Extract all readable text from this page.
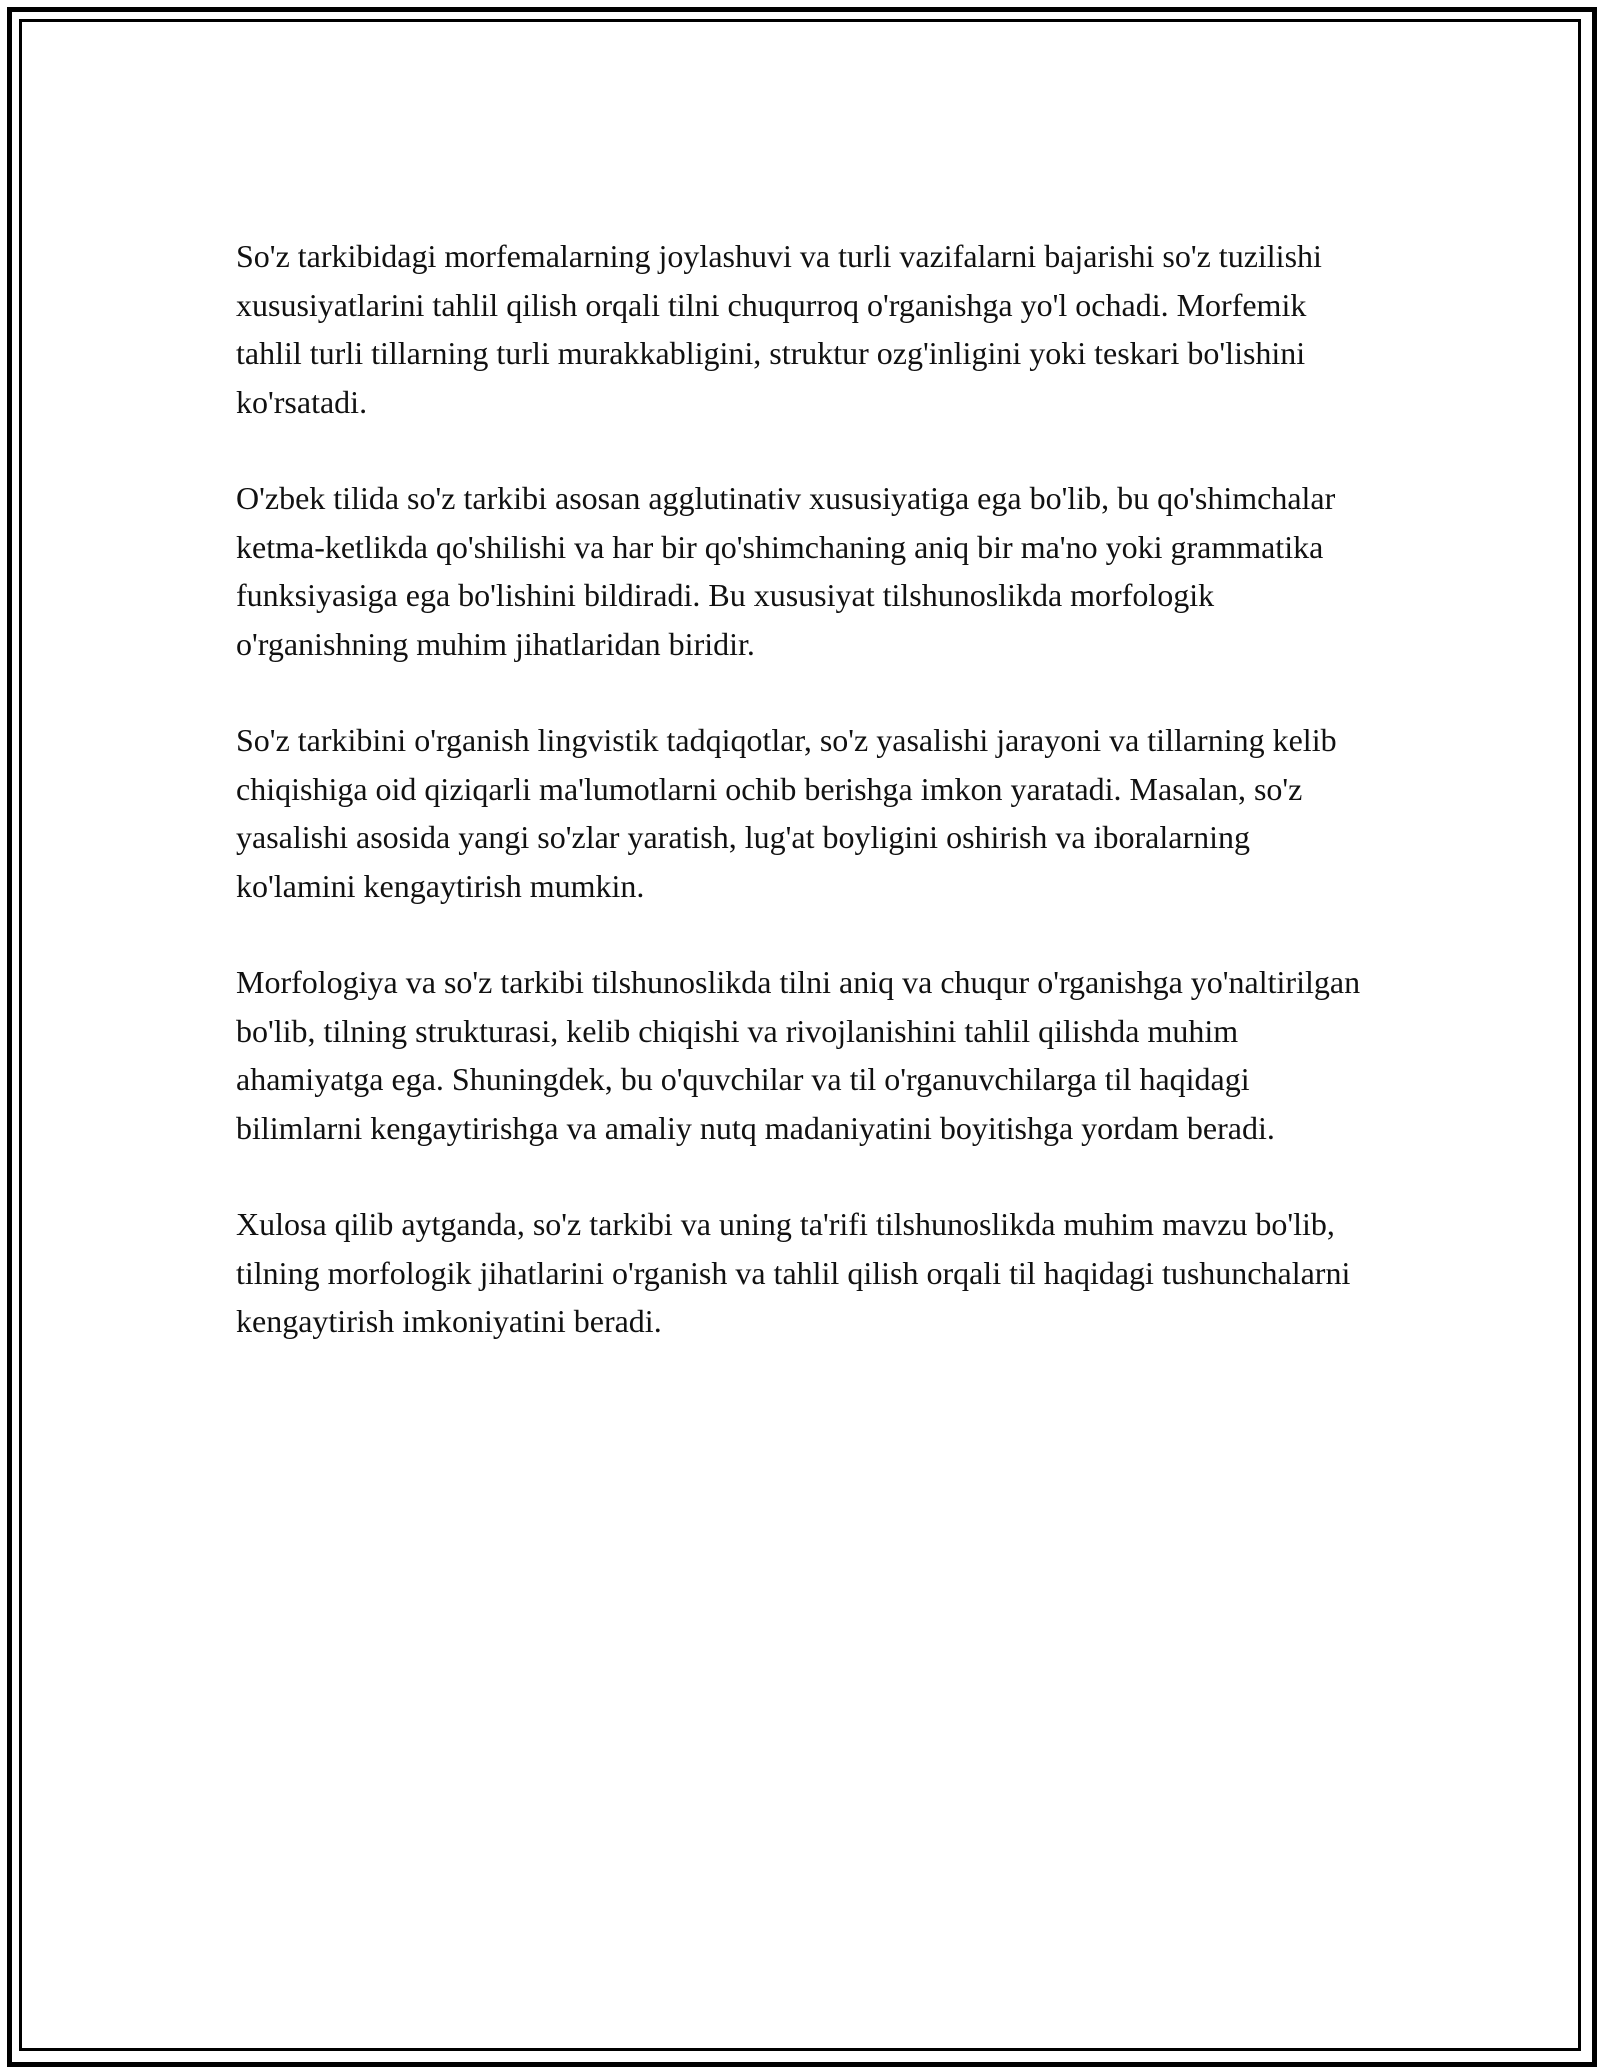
So'z tarkibidagi morfemalarning joylashuvi va turli vazifalarni bajarishi so'z tuzilishi xususiyatlarini tahlil qilish orqali tilni chuqurroq o'rganishga yo'l ochadi. Morfemik tahlil turli tillarning turli murakkabligini, struktur ozg'inligini yoki teskari bo'lishini ko'rsatadi.

O'zbek tilida so'z tarkibi asosan agglutinativ xususiyatiga ega bo'lib, bu qo'shimchalar ketma-ketlikda qo'shilishi va har bir qo'shimchaning aniq bir ma'no yoki grammatika funksiyasiga ega bo'lishini bildiradi. Bu xususiyat tilshunoslikda morfologik o'rganishning muhim jihatlaridan biridir.

So'z tarkibini o'rganish lingvistik tadqiqotlar, so'z yasalishi jarayoni va tillarning kelib chiqishiga oid qiziqarli ma'lumotlarni ochib berishga imkon yaratadi. Masalan, so'z yasalishi asosida yangi so'zlar yaratish, lug'at boyligini oshirish va iboralarning ko'lamini kengaytirish mumkin.

Morfologiya va so'z tarkibi tilshunoslikda tilni aniq va chuqur o'rganishga yo'naltirilgan bo'lib, tilning strukturasi, kelib chiqishi va rivojlanishini tahlil qilishda muhim ahamiyatga ega. Shuningdek, bu o'quvchilar va til o'rganuvchilarga til haqidagi bilimlarni kengaytirishga va amaliy nutq madaniyatini boyitishga yordam beradi.

Xulosa qilib aytganda, so'z tarkibi va uning ta'rifi tilshunoslikda muhim mavzu bo'lib, tilning morfologik jihatlarini o'rganish va tahlil qilish orqali til haqidagi tushunchalarni kengaytirish imkoniyatini beradi.
